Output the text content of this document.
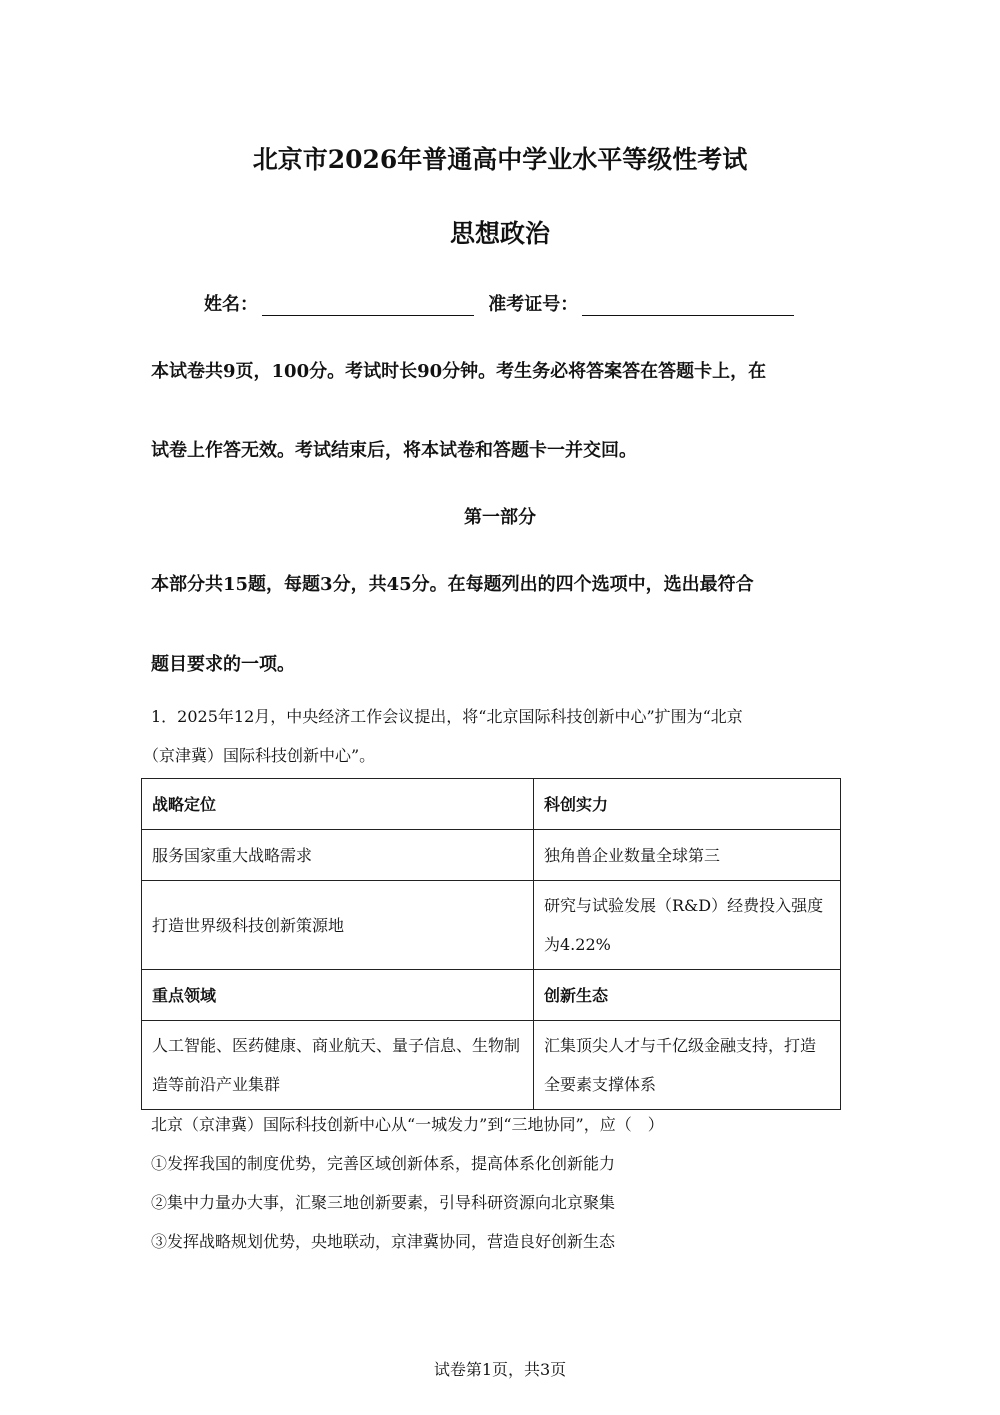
北京市2026年普通高中学业水平等级性考试
思想政治
姓名：	准考证号：
本试卷共9页，100分。考试时长90分钟。考生务必将答案答在答题卡上，在
试卷上作答无效。考试结束后，将本试卷和答题卡一并交回。
第一部分
本部分共15题，每题3分，共45分。在每题列出的四个选项中，选出最符合
题目要求的一项。
1．2025年12月，中央经济工作会议提出，将“北京国际科技创新中心”扩围为“北京
（京津冀）国际科技创新中心”。
战略定位	科创实力
服务国家重大战略需求	独角兽企业数量全球第三
打造世界级科技创新策源地	研究与试验发展（R&D）经费投入强度为4.22%
重点领域	创新生态
人工智能、医药健康、商业航天、量子信息、生物制造等前沿产业集群	汇集顶尖人才与千亿级金融支持，打造全要素支撑体系
北京（京津冀）国际科技创新中心从“一城发力”到“三地协同”，应（　）
①发挥我国的制度优势，完善区域创新体系，提高体系化创新能力
②集中力量办大事，汇聚三地创新要素，引导科研资源向北京聚集
③发挥战略规划优势，央地联动，京津冀协同，营造良好创新生态
试卷第1页，共3页
